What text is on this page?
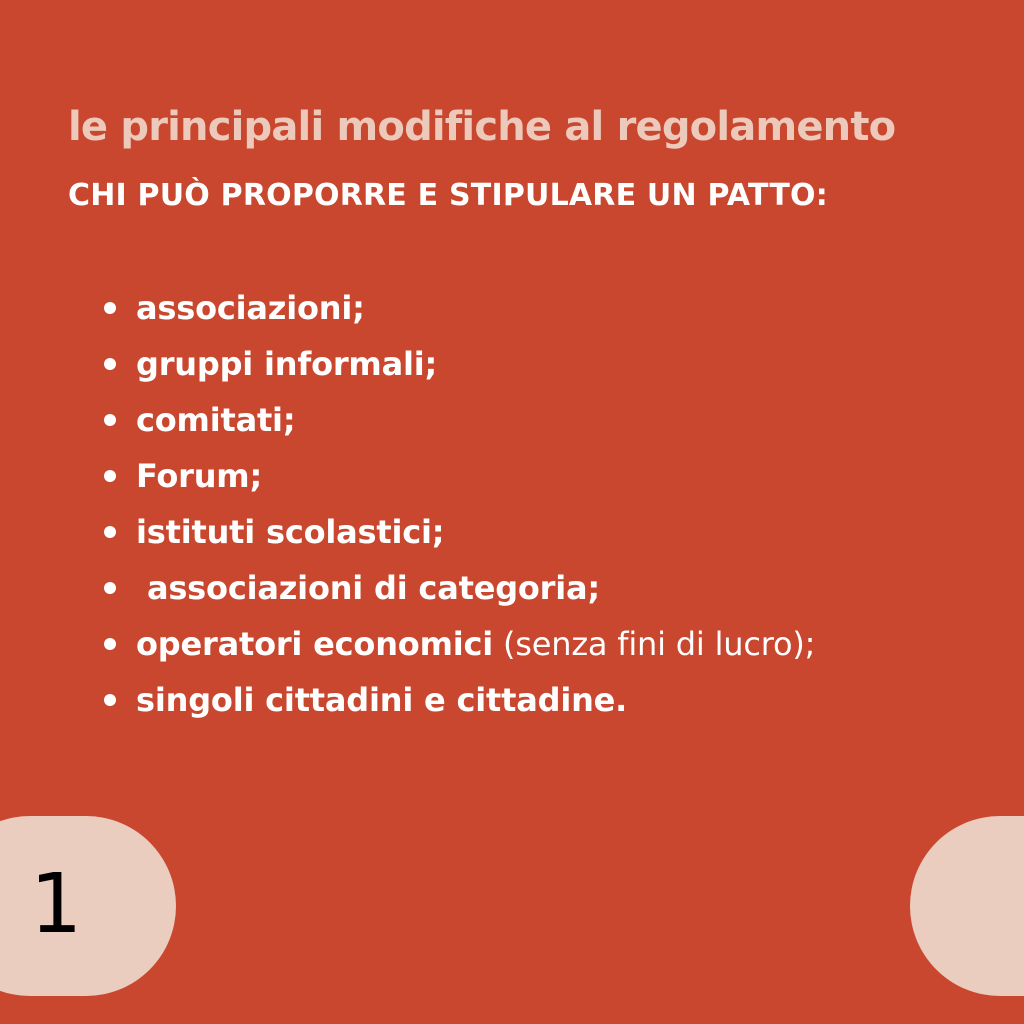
le principali modifiche al regolamento
CHI PUÒ PROPORRE E STIPULARE UN PATTO:
associazioni;
gruppi informali;
comitati;
Forum;
istituti scolastici;
associazioni di categoria;
operatori economici (senza fini di lucro);
singoli cittadini e cittadine.
1
